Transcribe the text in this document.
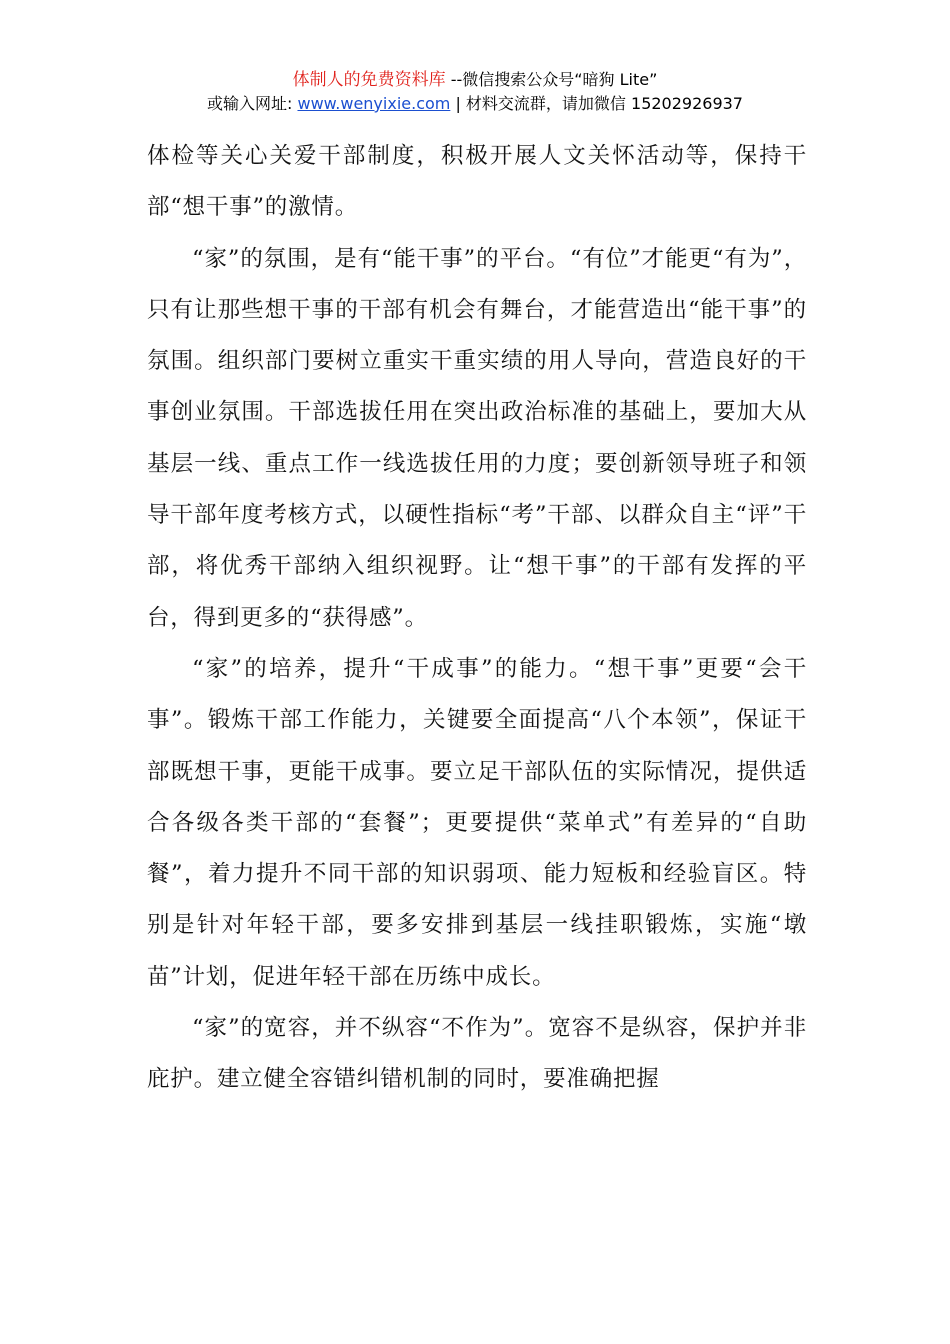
体制人的免费资料库 --微信搜索公众号“暗狗 Lite”
或输入网址: www.wenyixie.com | 材料交流群，请加微信 15202926937

体检等关心关爱干部制度，积极开展人文关怀活动等，保持干部“想干事”的激情。

“家”的氛围，是有“能干事”的平台。“有位”才能更“有为”，只有让那些想干事的干部有机会有舞台，才能营造出“能干事”的氛围。组织部门要树立重实干重实绩的用人导向，营造良好的干事创业氛围。干部选拔任用在突出政治标准的基础上，要加大从基层一线、重点工作一线选拔任用的力度；要创新领导班子和领导干部年度考核方式，以硬性指标“考”干部、以群众自主“评”干部，将优秀干部纳入组织视野。让“想干事”的干部有发挥的平台，得到更多的“获得感”。

“家”的培养，提升“干成事”的能力。“想干事”更要“会干事”。锻炼干部工作能力，关键要全面提高“八个本领”，保证干部既想干事，更能干成事。要立足干部队伍的实际情况，提供适合各级各类干部的“套餐”；更要提供“菜单式”有差异的“自助餐”，着力提升不同干部的知识弱项、能力短板和经验盲区。特别是针对年轻干部，要多安排到基层一线挂职锻炼，实施“墩苗”计划，促进年轻干部在历练中成长。

“家”的宽容，并不纵容“不作为”。宽容不是纵容，保护并非庇护。建立健全容错纠错机制的同时，要准确把握
